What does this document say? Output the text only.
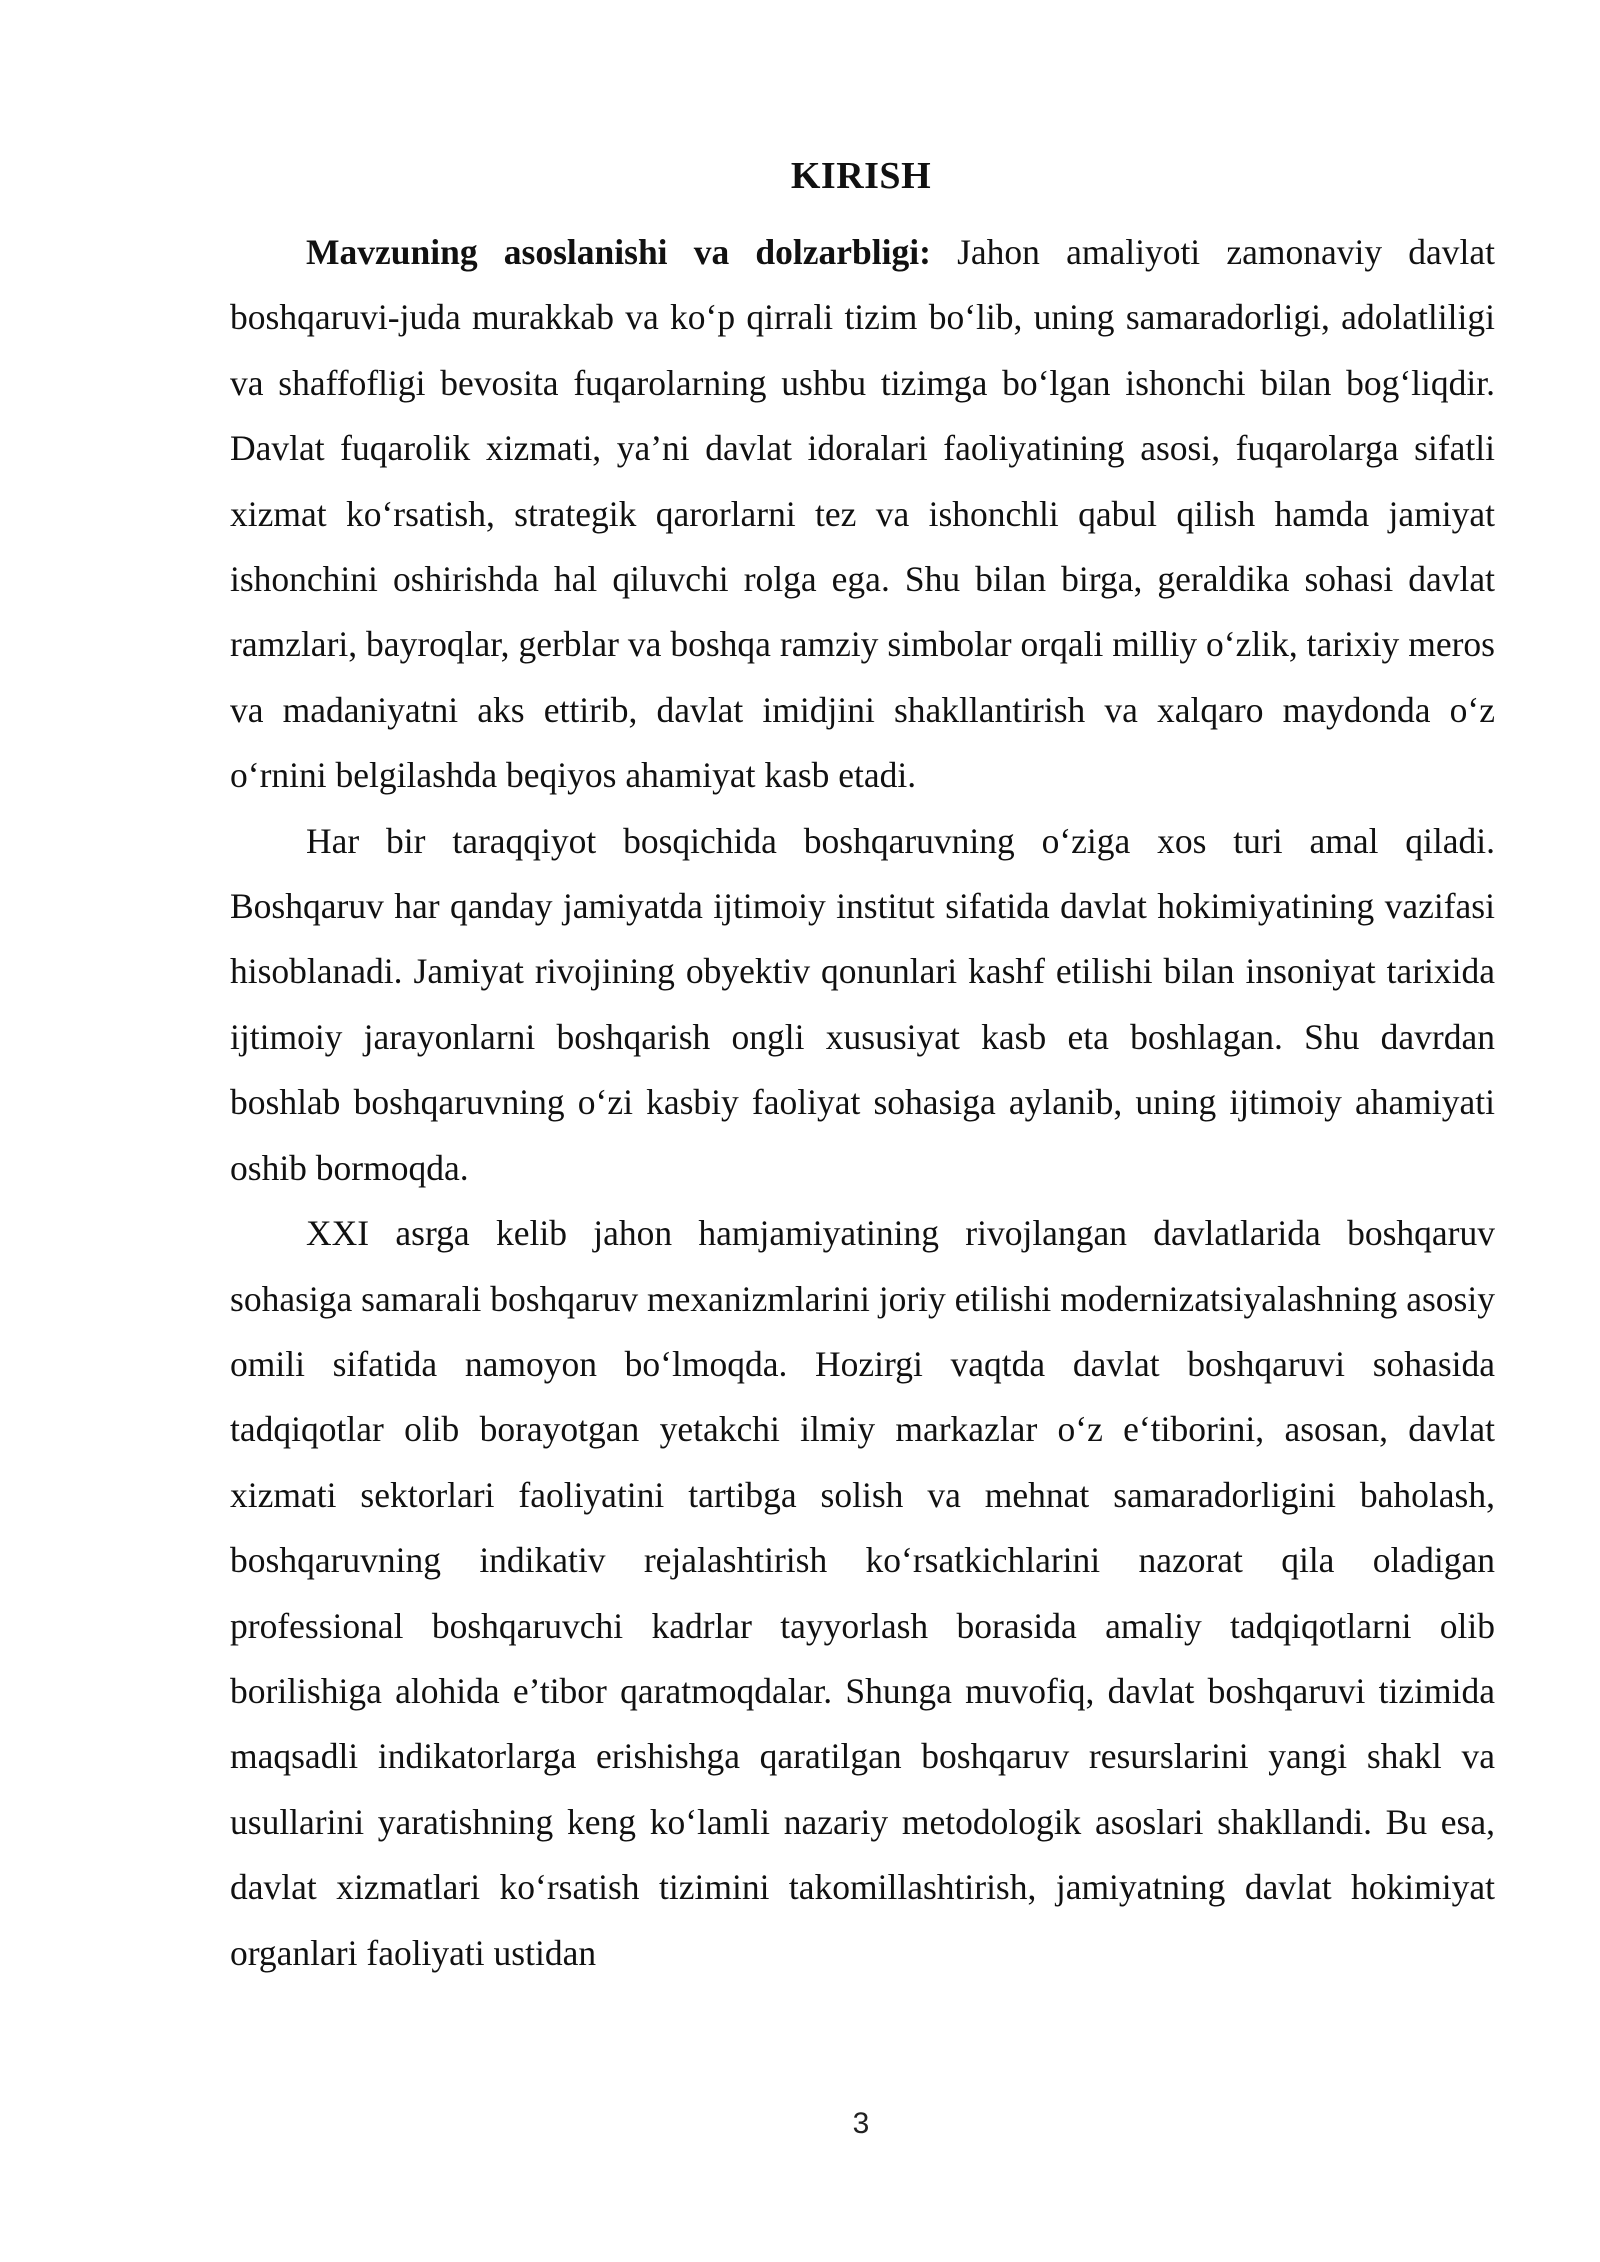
KIRISH

Mavzuning asoslanishi va dolzarbligi: Jahon amaliyoti zamonaviy davlat boshqaruvi-juda murakkab va ko‘p qirrali tizim bo‘lib, uning samaradorligi, adolatliligi va shaffofligi bevosita fuqarolarning ushbu tizimga bo‘lgan ishonchi bilan bog‘liqdir. Davlat fuqarolik xizmati, ya’ni davlat idoralari faoliyatining asosi, fuqarolarga sifatli xizmat ko‘rsatish, strategik qarorlarni tez va ishonchli qabul qilish hamda jamiyat ishonchini oshirishda hal qiluvchi rolga ega. Shu bilan birga, geraldika sohasi davlat ramzlari, bayroqlar, gerblar va boshqa ramziy simbolar orqali milliy o‘zlik, tarixiy meros va madaniyatni aks ettirib, davlat imidjini shakllantirish va xalqaro maydonda o‘z o‘rnini belgilashda beqiyos ahamiyat kasb etadi.

Har bir taraqqiyot bosqichida boshqaruvning o‘ziga xos turi amal qiladi. Boshqaruv har qanday jamiyatda ijtimoiy institut sifatida davlat hokimiyatining vazifasi hisoblanadi. Jamiyat rivojining obyektiv qonunlari kashf etilishi bilan insoniyat tarixida ijtimoiy jarayonlarni boshqarish ongli xususiyat kasb eta boshlagan. Shu davrdan boshlab boshqaruvning o‘zi kasbiy faoliyat sohasiga aylanib, uning ijtimoiy ahamiyati oshib bormoqda.

XXI asrga kelib jahon hamjamiyatining rivojlangan davlatlarida boshqaruv sohasiga samarali boshqaruv mexanizmlarini joriy etilishi modernizatsiyalashning asosiy omili sifatida namoyon bo‘lmoqda. Hozirgi vaqtda davlat boshqaruvi sohasida tadqiqotlar olib borayotgan yetakchi ilmiy markazlar o‘z e‘tiborini, asosan, davlat xizmati sektorlari faoliyatini tartibga solish va mehnat samaradorligini baholash, boshqaruvning indikativ rejalashtirish ko‘rsatkichlarini nazorat qila oladigan professional boshqaruvchi kadrlar tayyorlash borasida amaliy tadqiqotlarni olib borilishiga alohida e’tibor qaratmoqdalar. Shunga muvofiq, davlat boshqaruvi tizimida maqsadli indikatorlarga erishishga qaratilgan boshqaruv resurslarini yangi shakl va usullarini yaratishning keng ko‘lamli nazariy metodologik asoslari shakllandi. Bu esa, davlat xizmatlari ko‘rsatish tizimini takomillashtirish, jamiyatning davlat hokimiyat organlari faoliyati ustidan

3
